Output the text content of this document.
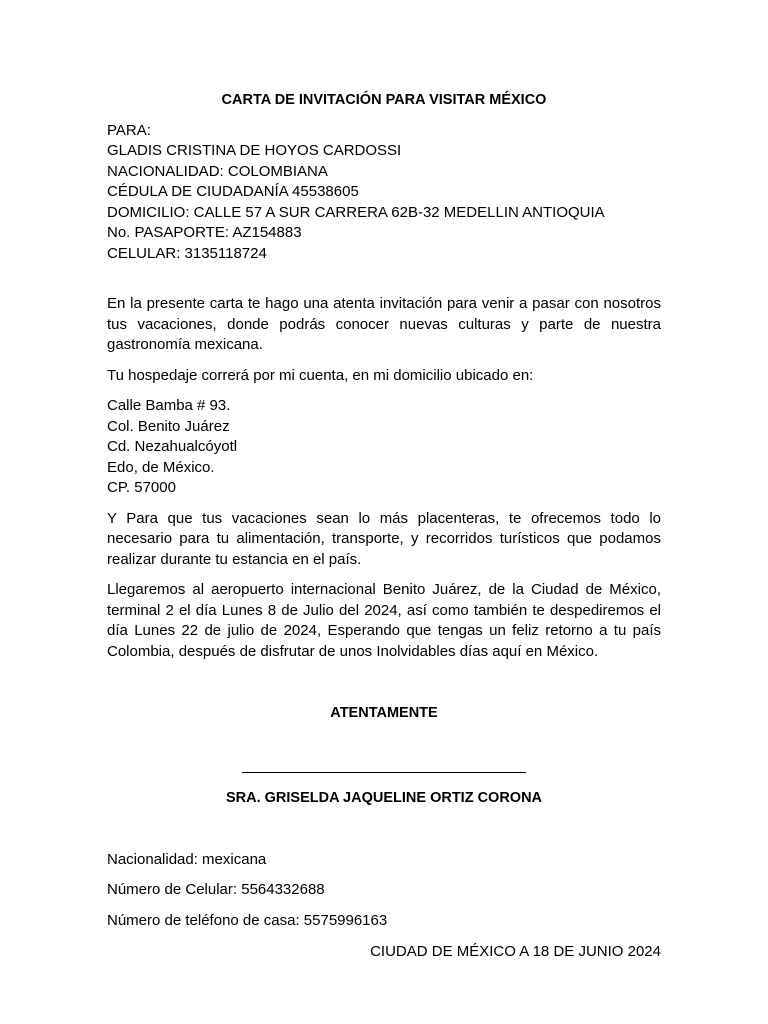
CARTA DE INVITACIÓN PARA VISITAR MÉXICO
PARA:
GLADIS CRISTINA DE HOYOS CARDOSSI
NACIONALIDAD: COLOMBIANA
CÉDULA DE CIUDADANÍA 45538605
DOMICILIO: CALLE 57 A SUR CARRERA 62B-32 MEDELLIN ANTIOQUIA
No. PASAPORTE: AZ154883
CELULAR: 3135118724

En la presente carta te hago una atenta invitación para venir a pasar con nosotros tus vacaciones, donde podrás conocer nuevas culturas y parte de nuestra gastronomía mexicana.

Tu hospedaje correrá por mi cuenta, en mi domicilio ubicado en:

Calle Bamba # 93.
Col. Benito Juárez
Cd. Nezahualcóyotl
Edo, de México.
CP. 57000

Y Para que tus vacaciones sean lo más placenteras, te ofrecemos todo lo necesario para tu alimentación, transporte, y recorridos turísticos que podamos realizar durante tu estancia en el país.

Llegaremos al aeropuerto internacional Benito Juárez, de la Ciudad de México, terminal 2 el día Lunes 8 de Julio del 2024, así como también te despediremos el día Lunes 22 de julio de 2024, Esperando que tengas un feliz retorno a tu país Colombia, después de disfrutar de unos Inolvidables días aquí en México.

ATENTAMENTE
SRA. GRISELDA JAQUELINE ORTIZ CORONA
Nacionalidad: mexicana
Número de Celular: 5564332688
Número de teléfono de casa: 5575996163
CIUDAD DE MÉXICO A 18 DE JUNIO 2024
